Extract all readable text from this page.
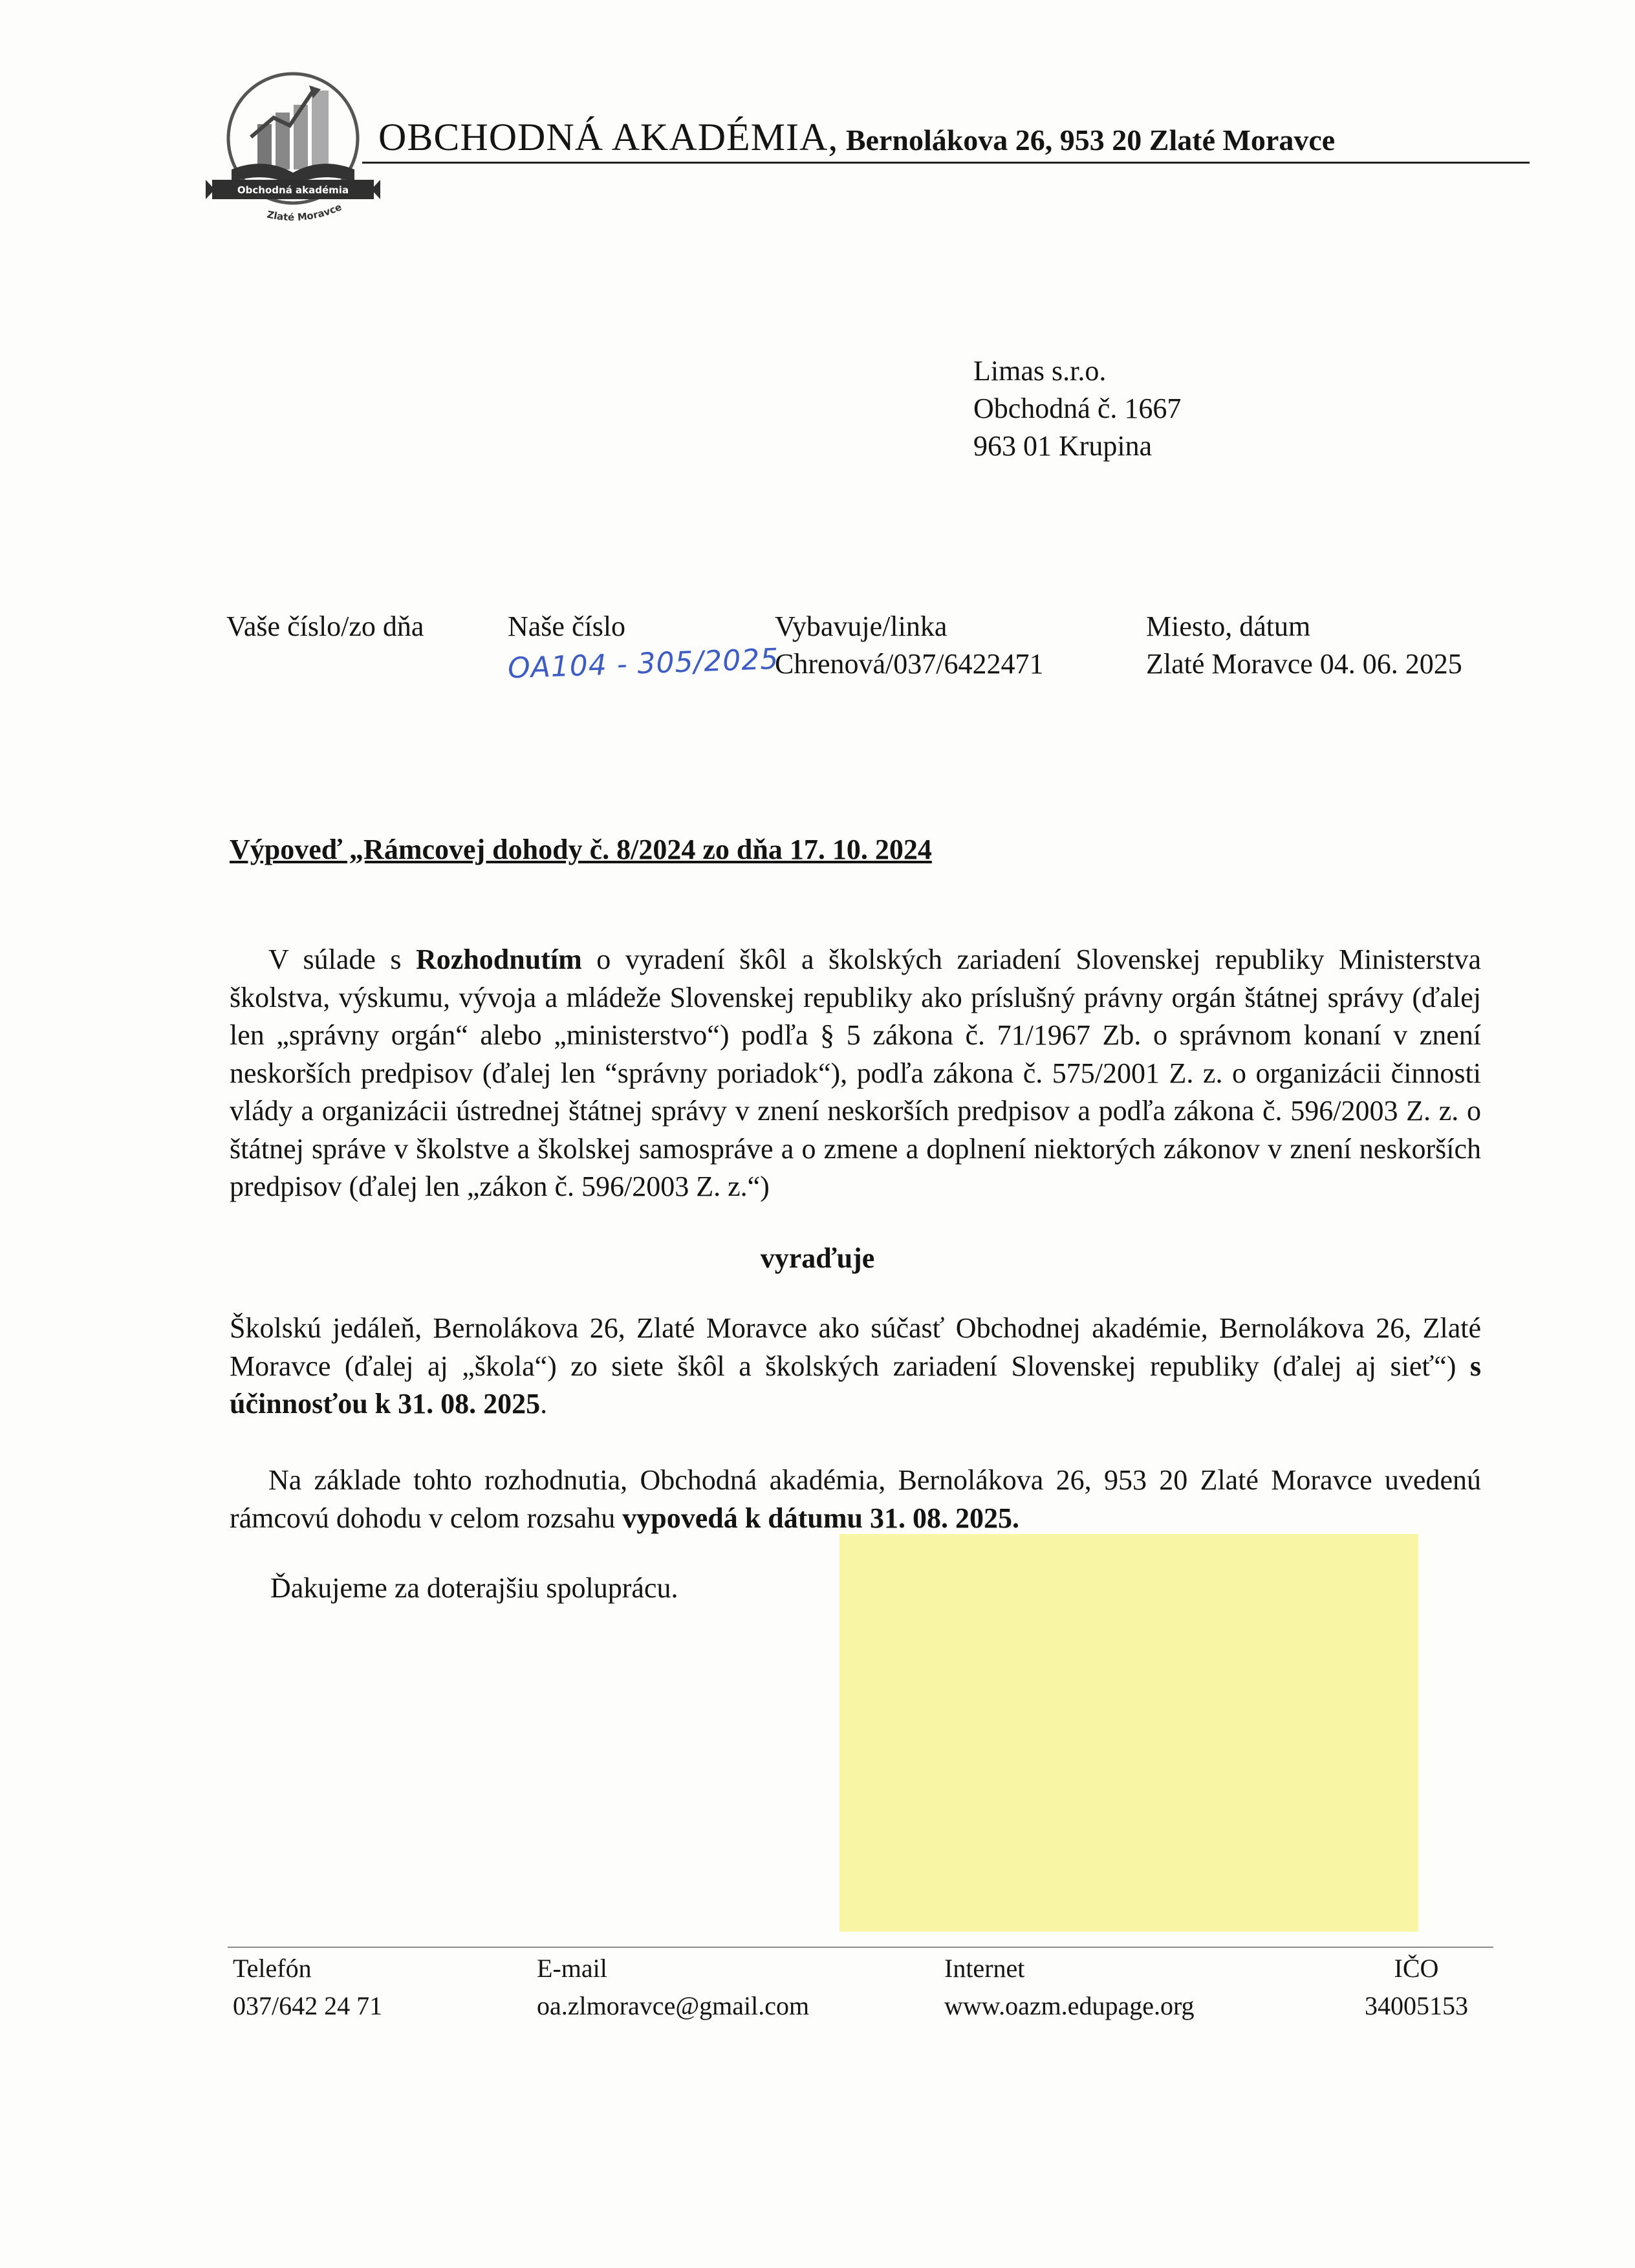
Obchodná akadémia
Zlaté Moravce
OBCHODNÁ AKADÉMIA, Bernolákova 26, 953 20 Zlaté Moravce
Limas s.r.o.
Obchodná č. 1667
963 01 Krupina
Vaše číslo/zo dňa	Naše číslo
OA104 - 305/2025
Vybavuje/linka
Chrenová/037/6422471
Miesto, dátum
Zlaté Moravce 04. 06. 2025
Výpoveď „Rámcovej dohody č. 8/2024 zo dňa 17. 10. 2024

V súlade s Rozhodnutím o vyradení škôl a školských zariadení Slovenskej republiky Ministerstva školstva, výskumu, vývoja a mládeže Slovenskej republiky ako príslušný právny orgán štátnej správy (ďalej len „správny orgán“ alebo „ministerstvo“) podľa § 5 zákona č. 71/1967 Zb. o správnom konaní v znení neskorších predpisov (ďalej len “správny poriadok“), podľa zákona č. 575/2001 Z. z. o organizácii činnosti vlády a organizácii ústrednej štátnej správy v znení neskorších predpisov a podľa zákona č. 596/2003 Z. z. o štátnej správe v školstve a školskej samospráve a o zmene a doplnení niektorých zákonov v znení neskorších predpisov (ďalej len „zákon č. 596/2003 Z. z.“)

vyraďuje

Školskú jedáleň, Bernolákova 26, Zlaté Moravce ako súčasť Obchodnej akadémie, Bernolákova 26, Zlaté Moravce (ďalej aj „škola“) zo siete škôl a školských zariadení Slovenskej republiky (ďalej aj sieť“) s účinnosťou k 31. 08. 2025.

Na základe tohto rozhodnutia, Obchodná akadémia, Bernolákova 26, 953 20 Zlaté Moravce uvedenú rámcovú dohodu v celom rozsahu vypovedá k dátumu 31. 08. 2025.

Ďakujeme za doterajšiu spoluprácu.
Telefón
037/642 24 71
E-mail
oa.zlmoravce@gmail.com
Internet
www.oazm.edupage.org
IČO
34005153
